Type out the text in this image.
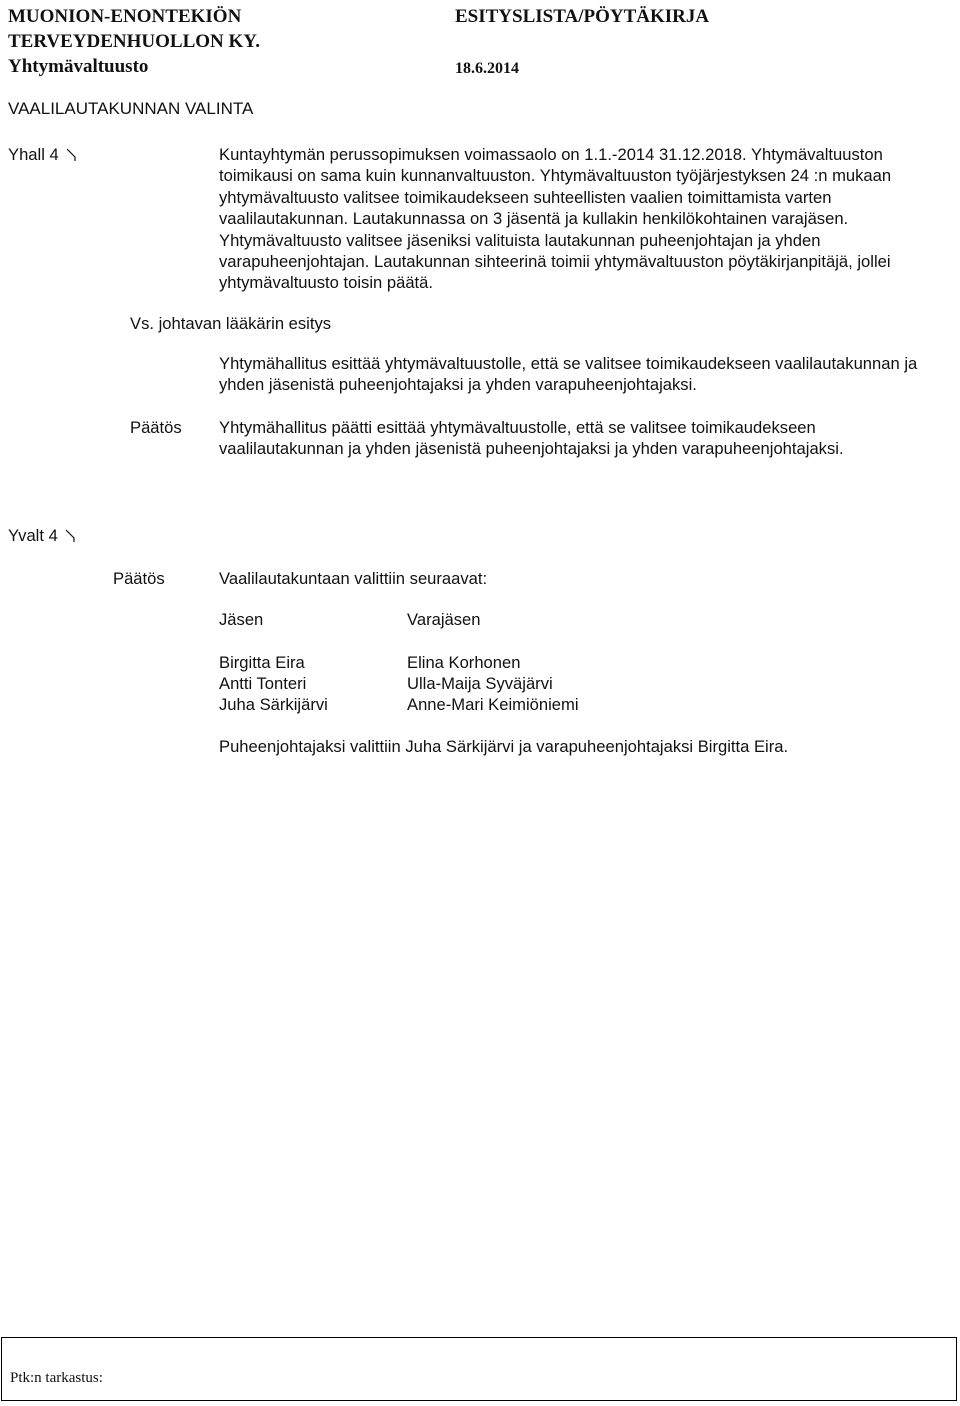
MUONION-ENONTEKIÖN
TERVEYDENHUOLLON KY.
Yhtymävaltuusto
ESITYSLISTA/PÖYTÄKIRJA
18.6.2014
VAALILAUTAKUNNAN VALINTA
Yhall 4	Kuntayhtymän perussopimuksen voimassaolo on 1.1.-2014 31.12.2018. Yhtymävaltuuston toimikausi on sama kuin kunnanvaltuuston. Yhtymävaltuuston työjärjestyksen 24 :n mukaan yhtymävaltuusto valitsee toimikaudekseen suhteellisten vaalien toimittamista varten vaalilautakunnan. Lautakunnassa on 3 jäsentä ja kullakin henkilökohtainen varajäsen. Yhtymävaltuusto valitsee jäseniksi valituista lautakunnan puheenjohtajan ja yhden varapuheenjohtajan. Lautakunnan sihteerinä toimii yhtymävaltuuston pöytäkirjanpitäjä, jollei yhtymävaltuusto toisin päätä.
Vs. johtavan lääkärin esitys
Yhtymähallitus esittää yhtymävaltuustolle, että se valitsee toimikaudekseen vaalilautakunnan ja yhden jäsenistä puheenjohtajaksi ja yhden varapuheenjohtajaksi.
Päätös Yhtymähallitus päätti esittää yhtymävaltuustolle, että se valitsee toimikaudekseen vaalilautakunnan ja yhden jäsenistä puheenjohtajaksi ja yhden varapuheenjohtajaksi.
Yvalt 4
Päätös	Vaalilautakuntaan valittiin seuraavat:
Jäsen	Varajäsen
Birgitta Eira	Elina Korhonen
Antti Tonteri	Ulla-Maija Syväjärvi
Juha Särkijärvi	Anne-Mari Keimiöniemi
Puheenjohtajaksi valittiin Juha Särkijärvi ja varapuheenjohtajaksi Birgitta Eira.
Ptk:n tarkastus:
